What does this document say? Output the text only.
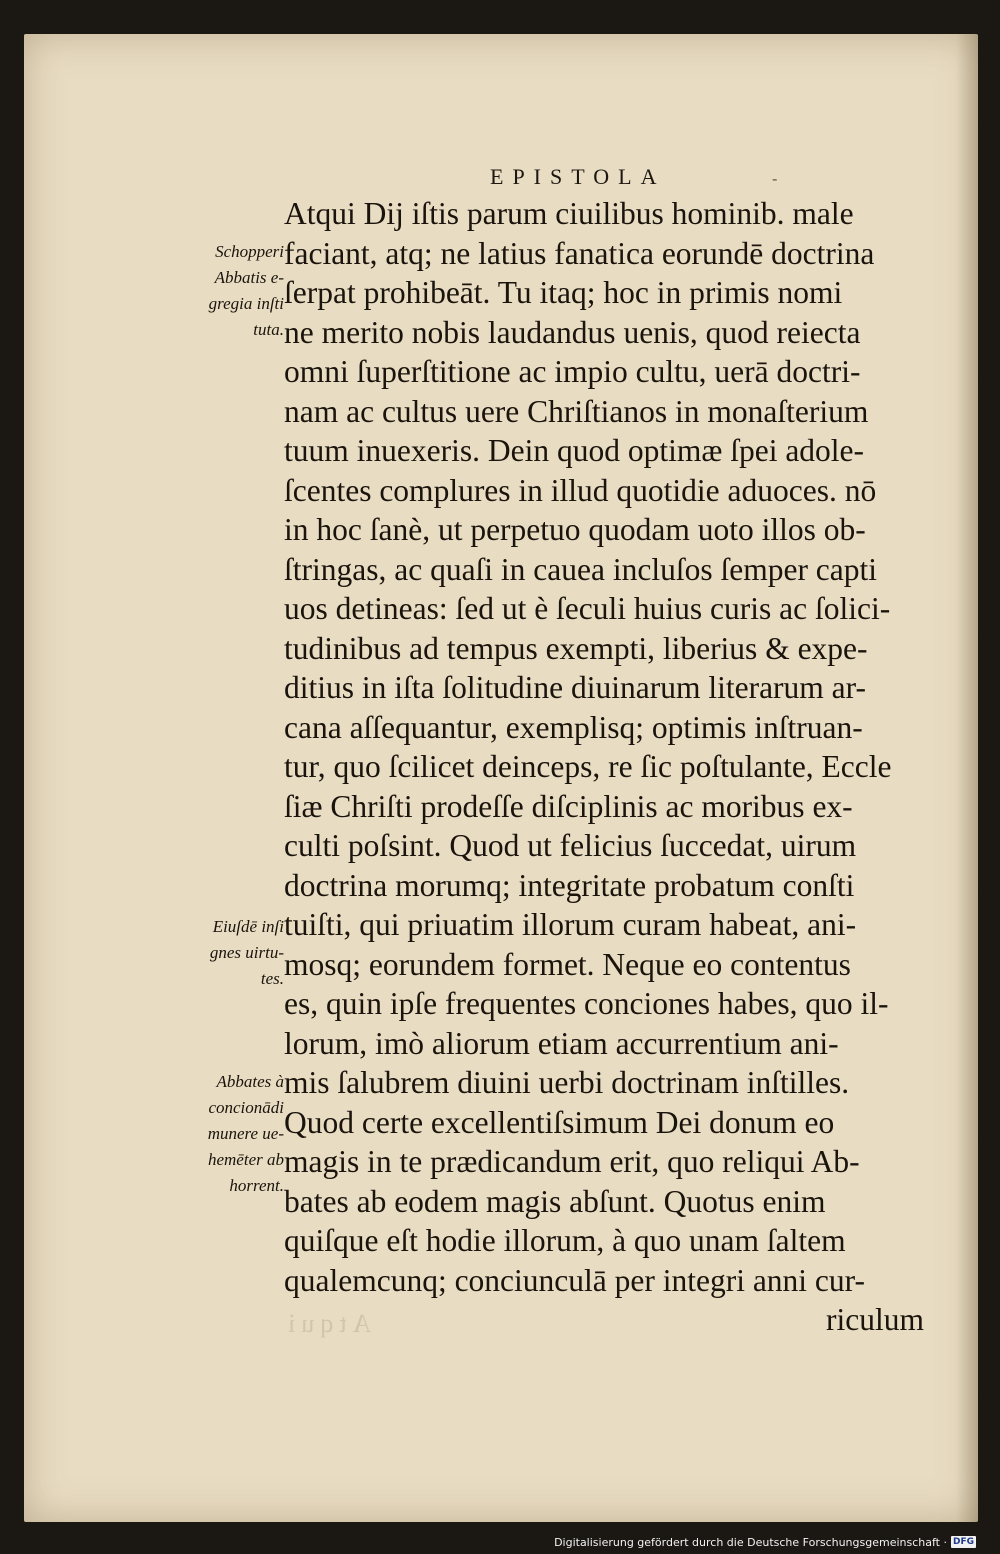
EPISTOLA	-
Atqui
Atqui Dij iſtis parum ciuilibus hominib. male
faciant, atq; ne latius fanatica eorundē doctrina
ſerpat prohibeāt. Tu itaq; hoc in primis nomi
ne merito nobis laudandus uenis, quod reiecta
omni ſuperſtitione ac impio cultu, uerā doctri-
nam ac cultus uere Chriſtianos in monaſterium
tuum inuexeris. Dein quod optimæ ſpei adole-
ſcentes complures in illud quotidie aduoces. nō
in hoc ſanè, ut perpetuo quodam uoto illos ob-
ſtringas, ac quaſi in cauea incluſos ſemper capti
uos detineas: ſed ut è ſeculi huius curis ac ſolici-
tudinibus ad tempus exempti, liberius & expe-
ditius in iſta ſolitudine diuinarum literarum ar-
cana aſſequantur, exemplisq; optimis inſtruan-
tur, quo ſcilicet deinceps, re ſic poſtulante, Eccle
ſiæ Chriſti prodeſſe diſciplinis ac moribus ex-
culti poſsint. Quod ut felicius ſuccedat, uirum
doctrina morumq; integritate probatum conſti
tuiſti, qui priuatim illorum curam habeat, ani-
mosq; eorundem formet. Neque eo contentus
es, quin ipſe frequentes conciones habes, quo il-
lorum, imò aliorum etiam accurrentium ani-
mis ſalubrem diuini uerbi doctrinam inſtilles.
Quod certe excellentiſsimum Dei donum eo
magis in te prædicandum erit, quo reliqui Ab-
bates ab eodem magis abſunt. Quotus enim
quiſque eſt hodie illorum, à quo unam ſaltem
qualemcunq; conciunculā per integri anni cur-
riculum
Schopperi
Abbatis e-
gregia inſti
tuta.
Eiuſdē inſi
gnes uirtu-
tes.
Abbates à
concionādi
munere ue-
hemēter ab
horrent.
Digitalisierung gefördert durch die Deutsche Forschungsgemeinschaft · DFG
